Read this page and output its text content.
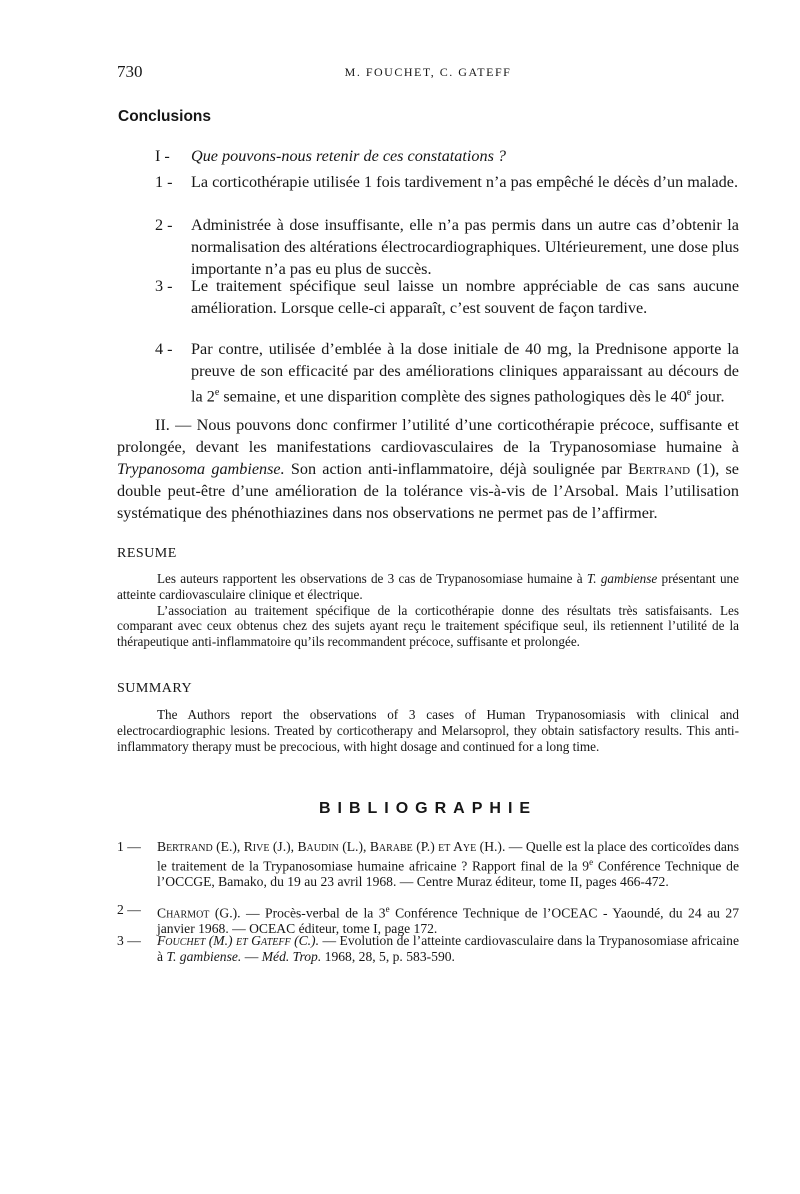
730	M. FOUCHET, C. GATEFF
Conclusions
I -	Que pouvons-nous retenir de ces constatations ?
1 -	La corticothérapie utilisée 1 fois tardivement n’a pas empêché le décès d’un malade.
2 -	Administrée à dose insuffisante, elle n’a pas permis dans un autre cas d’obtenir la normalisation des altérations électrocardiographiques. Ultérieurement, une dose plus importante n’a pas eu plus de succès.
3 -	Le traitement spécifique seul laisse un nombre appréciable de cas sans aucune amélioration. Lorsque celle-ci apparaît, c’est souvent de façon tardive.
4 -	Par contre, utilisée d’emblée à la dose initiale de 40 mg, la Prednisone apporte la preuve de son efficacité par des améliorations cliniques apparaissant au décours de la 2e semaine, et une disparition complète des signes pathologiques dès le 40e jour.
II. — Nous pouvons donc confirmer l’utilité d’une corticothérapie précoce, suffisante et prolongée, devant les manifestations cardiovasculaires de la Trypanosomiase humaine à Trypanosoma gambiense. Son action anti-inflammatoire, déjà soulignée par Bertrand (1), se double peut-être d’une amélioration de la tolérance vis-à-vis de l’Arsobal. Mais l’utilisation systématique des phénothiazines dans nos observations ne permet pas de l’affirmer.
RESUME

Les auteurs rapportent les observations de 3 cas de Trypanosomiase humaine à T. gambiense présentant une atteinte cardiovasculaire clinique et électrique.

L’association au traitement spécifique de la corticothérapie donne des résultats très satisfaisants. Les comparant avec ceux obtenus chez des sujets ayant reçu le traitement spécifique seul, ils retiennent l’utilité de la thérapeutique anti-inflammatoire qu’ils recommandent précoce, suffisante et prolongée.

SUMMARY

The Authors report the observations of 3 cases of Human Trypanosomiasis with clinical and electrocardiographic lesions. Treated by corticotherapy and Melarsoprol, they obtain satisfactory results. This anti-inflammatory therapy must be precocious, with hight dosage and continued for a long time.

BIBLIOGRAPHIE
1 — Bertrand (E.), Rive (J.), Baudin (L.), Barabe (P.) et Aye (H.). — Quelle est la place des corticoïdes dans le traitement de la Trypanosomiase humaine africaine ? Rapport final de la 9e Conférence Technique de l’OCCGE, Bamako, du 19 au 23 avril 1968. — Centre Muraz éditeur, tome II, pages 466-472.
2 — Charmot (G.). — Procès-verbal de la 3e Conférence Technique de l’OCEAC - Yaoundé, du 24 au 27 janvier 1968. — OCEAC éditeur, tome I, page 172.
3 — Fouchet (M.) et Gateff (C.). — Evolution de l’atteinte cardiovasculaire dans la Trypanosomiase africaine à T. gambiense. — Méd. Trop. 1968, 28, 5, p. 583-590.
